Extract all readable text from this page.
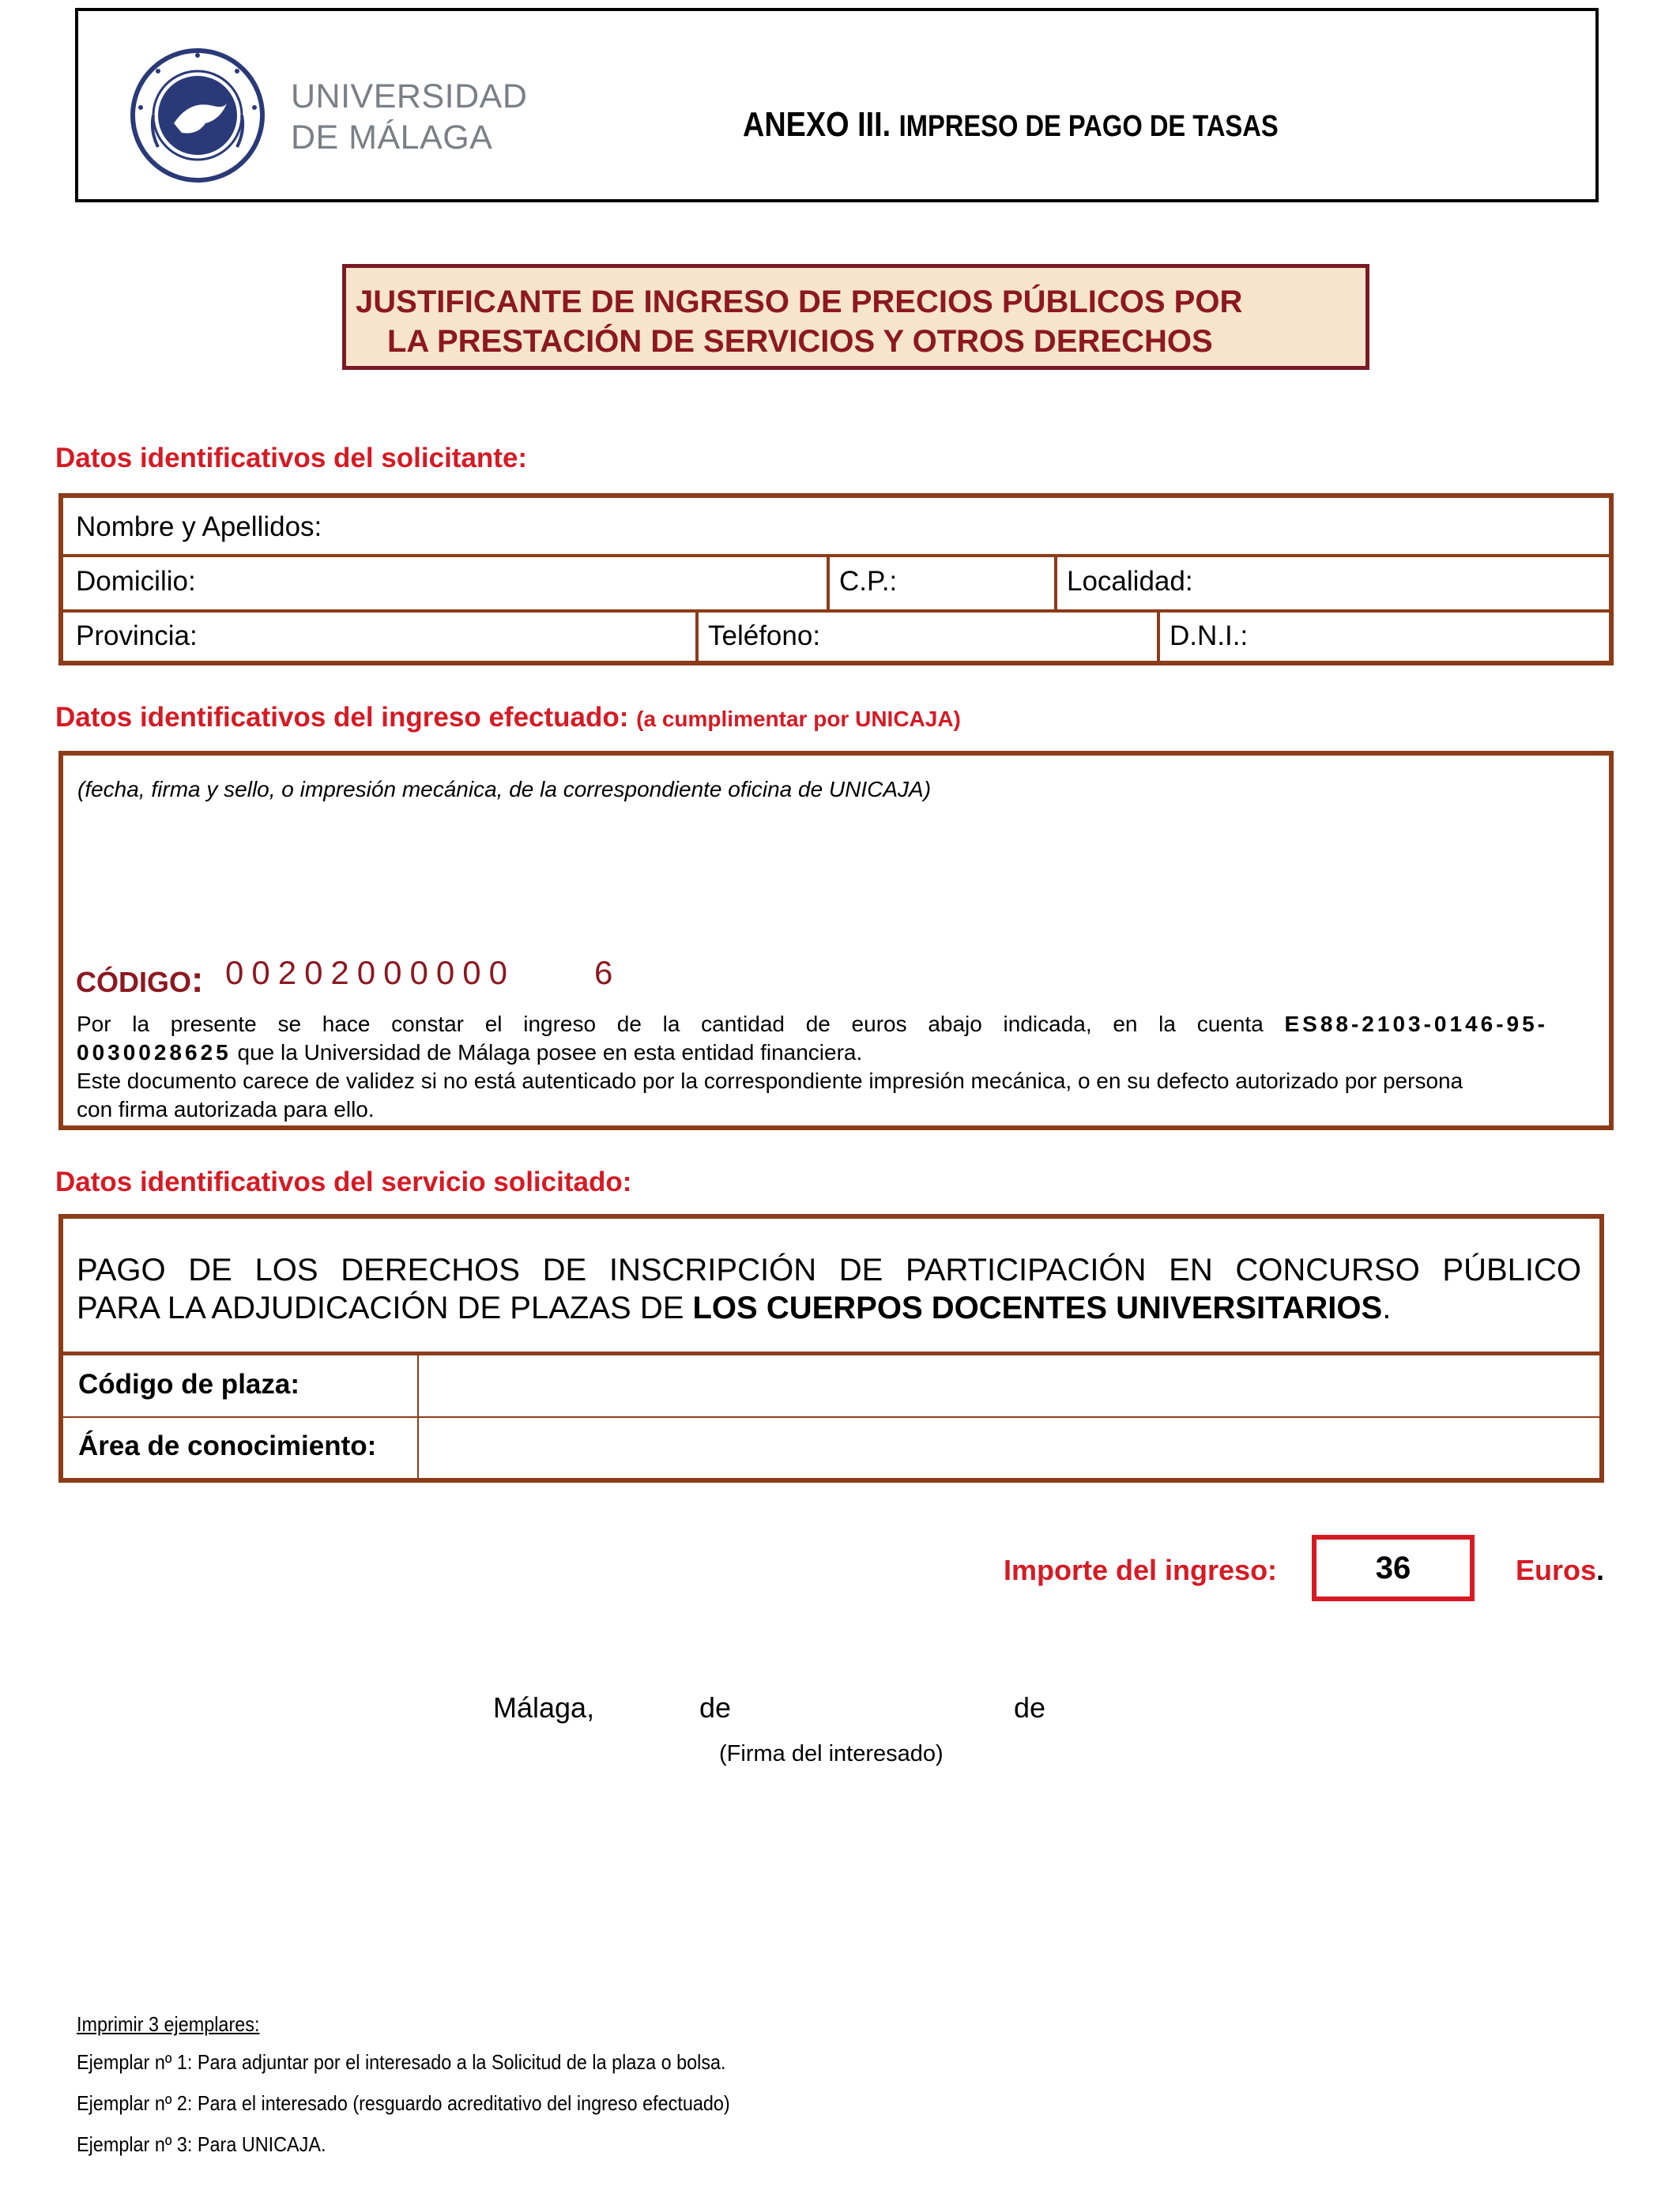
UNIVERSIDAD
DE MÁLAGA	ANEXO III. IMPRESO DE PAGO DE TASAS
JUSTIFICANTE DE INGRESO DE PRECIOS PÚBLICOS POR
LA PRESTACIÓN DE SERVICIOS Y OTROS DERECHOS
Datos identificativos del solicitante:
Nombre y Apellidos:
Domicilio:	C.P.:	Localidad:
Provincia:	Teléfono:	D.N.I.:
Datos identificativos del ingreso efectuado: (a cumplimentar por UNICAJA)
(fecha, firma y sello, o impresión mecánica, de la correspondiente oficina de UNICAJA)
CÓDIGO: 00202000000 6
Por la presente se hace constar el ingreso de la cantidad de euros abajo indicada, en la cuenta ES88-2103-0146-95-
0030028625 que la Universidad de Málaga posee en esta entidad financiera.
Este documento carece de validez si no está autenticado por la correspondiente impresión mecánica, o en su defecto autorizado por persona
con firma autorizada para ello.
Datos identificativos del servicio solicitado:
Código de plaza:
Área de conocimiento:
PAGO DE LOS DERECHOS DE INSCRIPCIÓN DE PARTICIPACIÓN EN CONCURSO PÚBLICO
PARA LA ADJUDICACIÓN DE PLAZAS DE LOS CUERPOS DOCENTES UNIVERSITARIOS.
Importe del ingreso:	36	Euros.
Málaga,	de	de
(Firma del interesado)
Imprimir 3 ejemplares:
Ejemplar nº 1: Para adjuntar por el interesado a la Solicitud de la plaza o bolsa.
Ejemplar nº 2: Para el interesado (resguardo acreditativo del ingreso efectuado)
Ejemplar nº 3: Para UNICAJA.
